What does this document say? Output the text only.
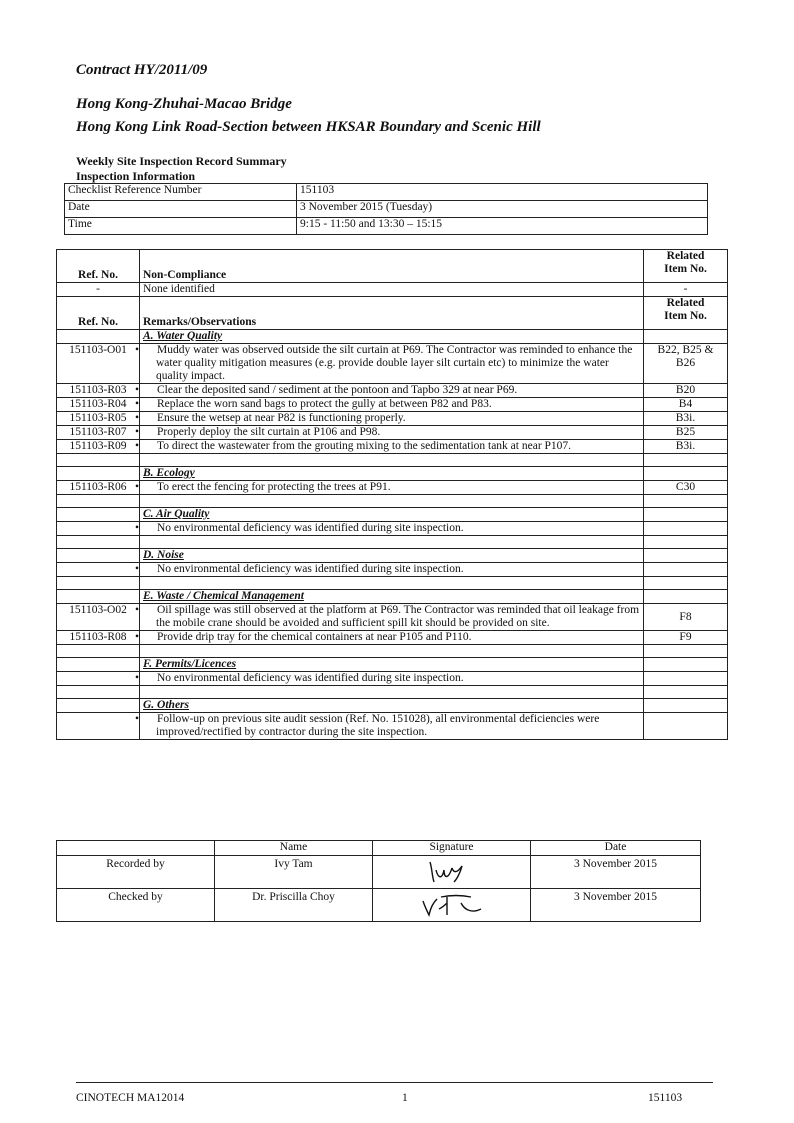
Contract HY/2011/09
Hong Kong-Zhuhai-Macao Bridge
Hong Kong Link Road-Section between HKSAR Boundary and Scenic Hill
Weekly Site Inspection Record Summary
Inspection Information
Checklist Reference Number	151103
Date	3 November 2015 (Tuesday)
Time	9:15 - 11:50 and 13:30 – 15:15
Ref. No.	Non-Compliance	Related
Item No.
-	None identified	-
Ref. No.	Remarks/Observations	Related
Item No.
	A. Water Quality	
151103-O01	•Muddy water was observed outside the silt curtain at P69. The Contractor was reminded to enhance the water quality mitigation measures (e.g. provide double layer silt curtain etc) to minimize the water quality impact.	B22, B25 &
B26
151103-R03	•Clear the deposited sand / sediment at the pontoon and Tapbo 329 at near P69.	B20
151103-R04	•Replace the worn sand bags to protect the gully at between P82 and P83.	B4
151103-R05	•Ensure the wetsep at near P82 is functioning properly.	B3i.
151103-R07	•Properly deploy the silt curtain at P106 and P98.	B25
151103-R09	•To direct the wastewater from the grouting mixing to the sedimentation tank at near P107.	B3i.

	B. Ecology	
151103-R06	•To erect the fencing for protecting the trees at P91.	C30

	C. Air Quality	
	• No environmental deficiency was identified during site inspection.	

	D. Noise	
	• No environmental deficiency was identified during site inspection.	

	E. Waste / Chemical Management	
151103-O02	•Oil spillage was still observed at the platform at P69. The Contractor was reminded that oil leakage from the mobile crane should be avoided and sufficient spill kit should be provided on site.	F8
151103-R08	•Provide drip tray for the chemical containers at near P105 and P110.	F9

	F. Permits/Licences	
	• No environmental deficiency was identified during site inspection.	

	G. Others	
	• Follow-up on previous site audit session (Ref. No. 151028), all environmental deficiencies were improved/rectified by contractor during the site inspection.	
	Name	Signature	Date
Recorded by	Ivy Tam		3 November 2015
Checked by	Dr. Priscilla Choy		3 November 2015
CINOTECH MA12014	1	151103
